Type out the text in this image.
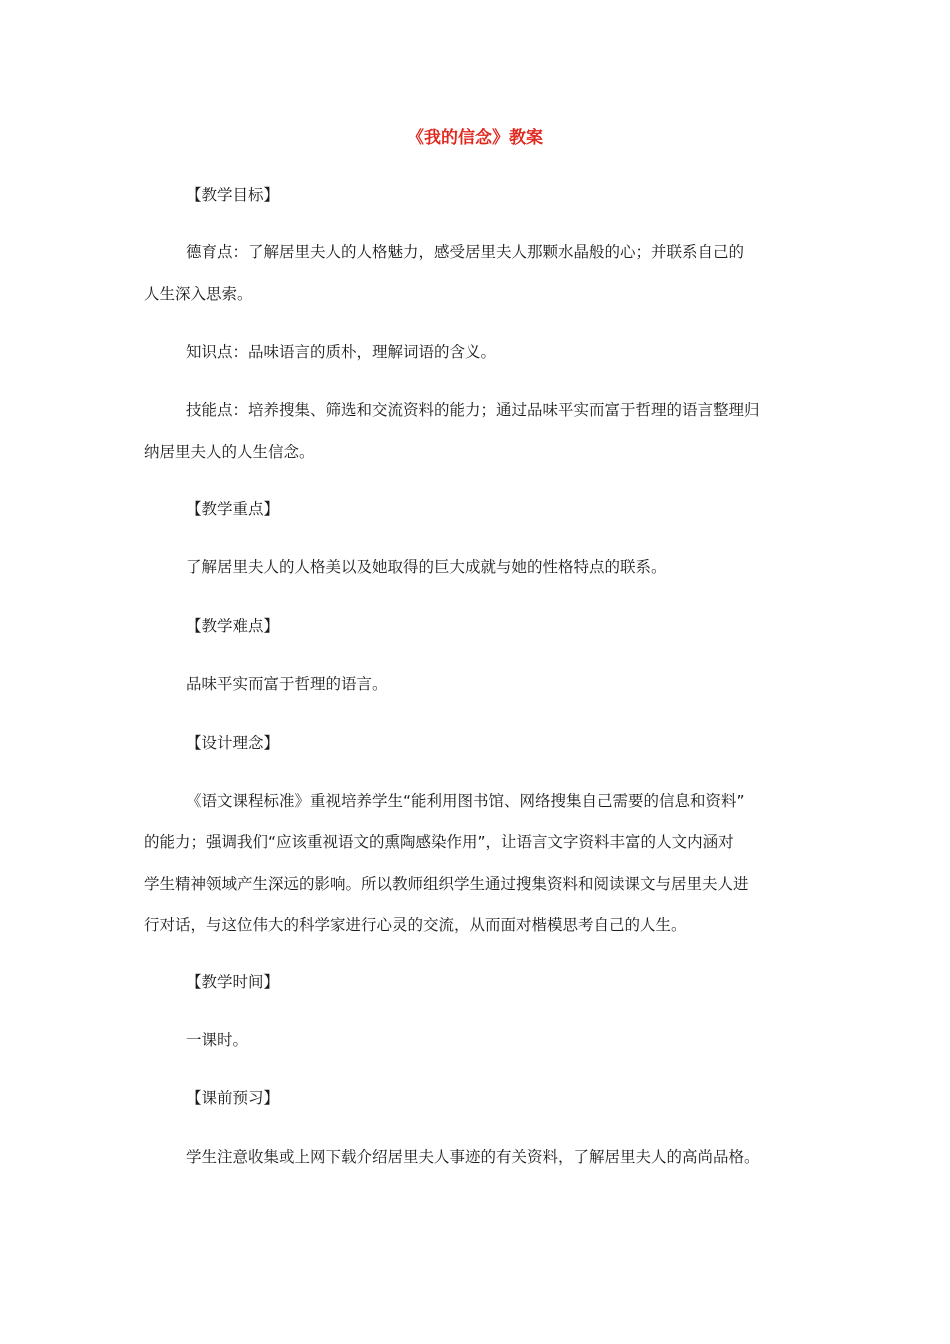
《我的信念》教案
【教学目标】
德育点：了解居里夫人的人格魅力，感受居里夫人那颗水晶般的心；并联系自己的
人生深入思索。
知识点：品味语言的质朴，理解词语的含义。
技能点：培养搜集、筛选和交流资料的能力；通过品味平实而富于哲理的语言整理归
纳居里夫人的人生信念。
【教学重点】
了解居里夫人的人格美以及她取得的巨大成就与她的性格特点的联系。
【教学难点】
品味平实而富于哲理的语言。
【设计理念】
《语文课程标准》重视培养学生“能利用图书馆、网络搜集自己需要的信息和资料”
的能力；强调我们“应该重视语文的熏陶感染作用”，让语言文字资料丰富的人文内涵对
学生精神领域产生深远的影响。所以教师组织学生通过搜集资料和阅读课文与居里夫人进
行对话，与这位伟大的科学家进行心灵的交流，从而面对楷模思考自己的人生。
【教学时间】
一课时。
【课前预习】
学生注意收集或上网下载介绍居里夫人事迹的有关资料，了解居里夫人的高尚品格。
